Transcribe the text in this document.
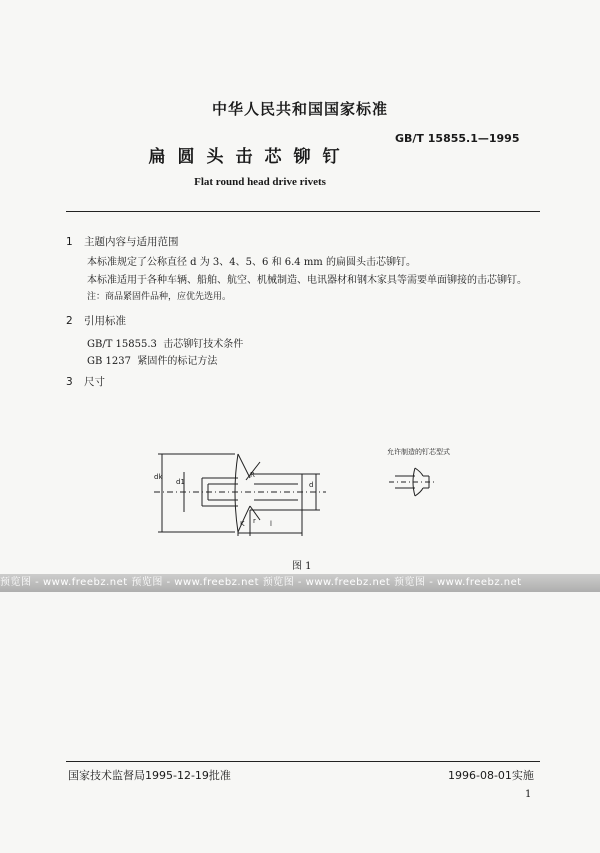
中华人民共和国国家标准
GB/T 15855.1—1995
扁圆头击芯铆钉
Flat round head drive rivets
1 主题内容与适用范围
本标准规定了公称直径 d 为 3、4、5、6 和 6.4 mm 的扁圆头击芯铆钉。
本标准适用于各种车辆、船舶、航空、机械制造、电讯器材和钢木家具等需要单面铆接的击芯铆钉。
注：商品紧固件品种，应优先选用。
2 引用标准
GB/T 15855.3 击芯铆钉技术条件
GB 1237 紧固件的标记方法
3 尺寸
dk
d1
R
r
d
K	l
允许制造的钉芯型式
图 1
预览图 - www.freebz.net 预览图 - www.freebz.net 预览图 - www.freebz.net 预览图 - www.freebz.net
国家技术监督局1995-12-19批准	1996-08-01实施
1
